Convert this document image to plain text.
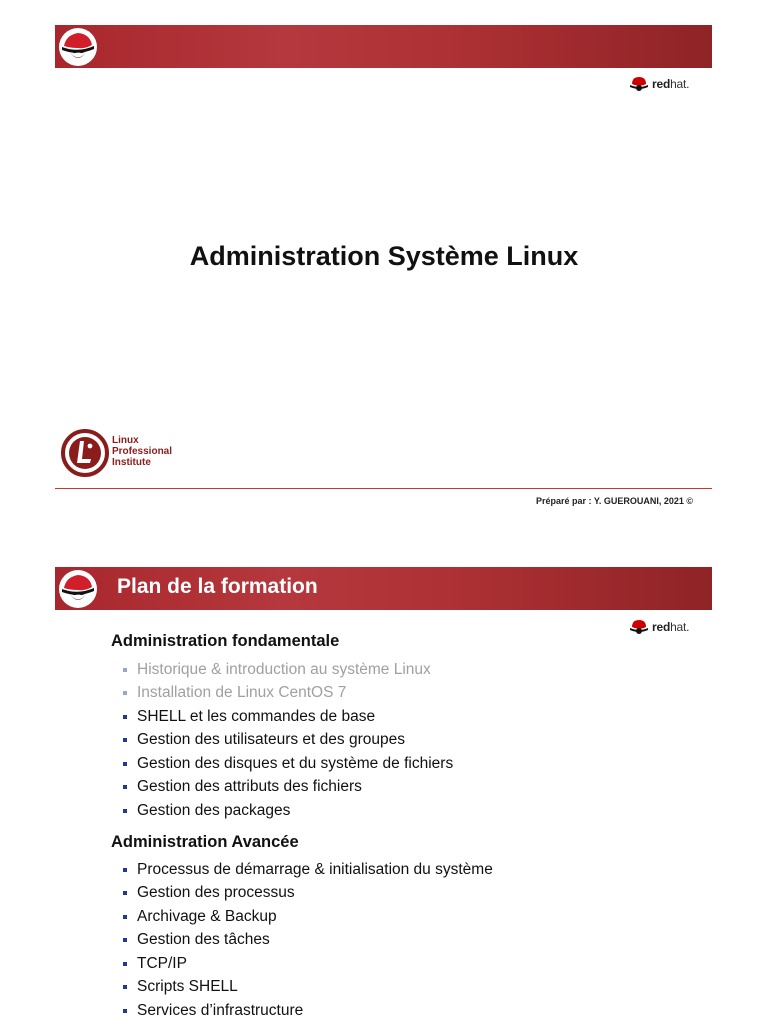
redhat.
Administration Système Linux
Linux
Professional
Institute
Préparé par : Y. GUEROUANI, 2021 ©
Plan de la formation
redhat.
Administration fondamentale
Historique & introduction au système Linux
Installation de Linux CentOS 7
SHELL et les commandes de base
Gestion des utilisateurs et des groupes
Gestion des disques et du système de fichiers
Gestion des attributs des fichiers
Gestion des packages
Administration Avancée
Processus de démarrage & initialisation du système
Gestion des processus
Archivage & Backup
Gestion des tâches
TCP/IP
Scripts SHELL
Services d’infrastructure
